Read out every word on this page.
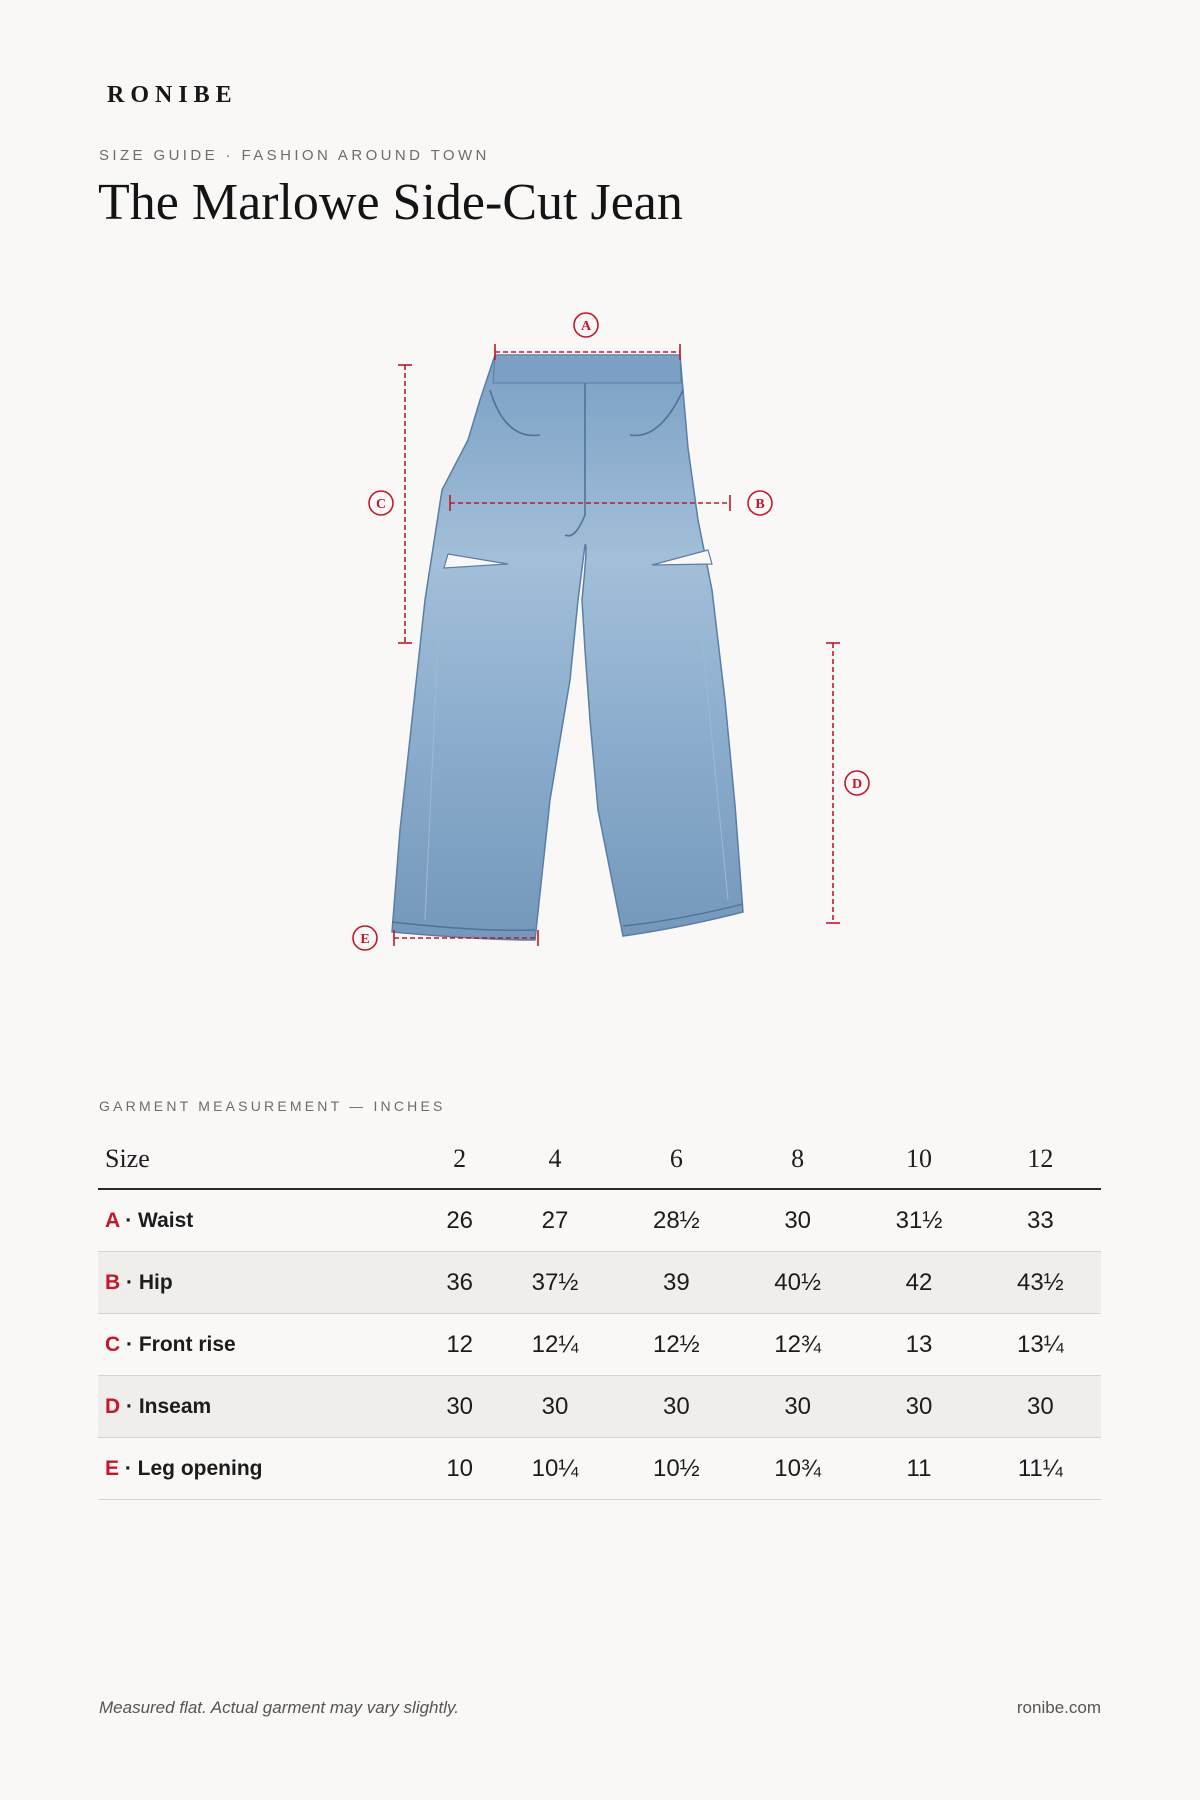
RONIBE
SIZE GUIDE · FASHION AROUND TOWN
The Marlowe Side-Cut Jean
A
B
C
D
E
GARMENT MEASUREMENT — INCHES
Size	2	4	6	8	10	12
A · Waist	26	27	28½	30	31½	33
B · Hip	36	37½	39	40½	42	43½
C · Front rise	12	12¼	12½	12¾	13	13¼
D · Inseam	30	30	30	30	30	30
E · Leg opening	10	10¼	10½	10¾	11	11¼
Measured flat. Actual garment may vary slightly.	ronibe.com
